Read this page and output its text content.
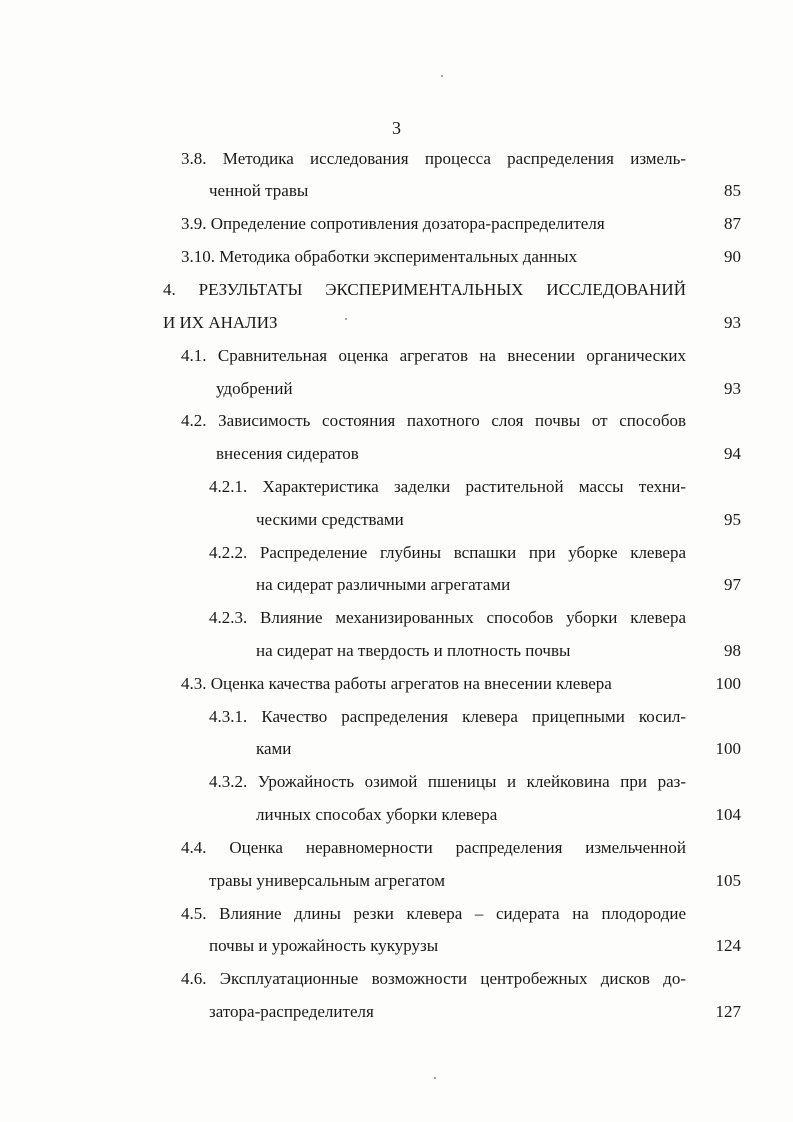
3
3.8. Методика исследования процесса распределения измель-
ченной травы	85
3.9. Определение сопротивления дозатора-распределителя	87
3.10. Методика обработки экспериментальных данных	90
4. РЕЗУЛЬТАТЫ ЭКСПЕРИМЕНТАЛЬНЫХ ИССЛЕДОВАНИЙ
И ИХ АНАЛИЗ	93
4.1. Сравнительная оценка агрегатов на внесении органических
удобрений	93
4.2. Зависимость состояния пахотного слоя почвы от способов
внесения сидератов	94
4.2.1. Характеристика заделки растительной массы техни-
ческими средствами	95
4.2.2. Распределение глубины вспашки при уборке клевера
на сидерат различными агрегатами	97
4.2.3. Влияние механизированных способов уборки клевера
на сидерат на твердость и плотность почвы	98
4.3. Оценка качества работы агрегатов на внесении клевера	100
4.3.1. Качество распределения клевера прицепными косил-
ками	100
4.3.2. Урожайность озимой пшеницы и клейковина при раз-
личных способах уборки клевера	104
4.4. Оценка неравномерности распределения измельченной
травы универсальным агрегатом	105
4.5. Влияние длины резки клевера – сидерата на плодородие
почвы и урожайность кукурузы	124
4.6. Эксплуатационные возможности центробежных дисков до-
затора-распределителя	127
